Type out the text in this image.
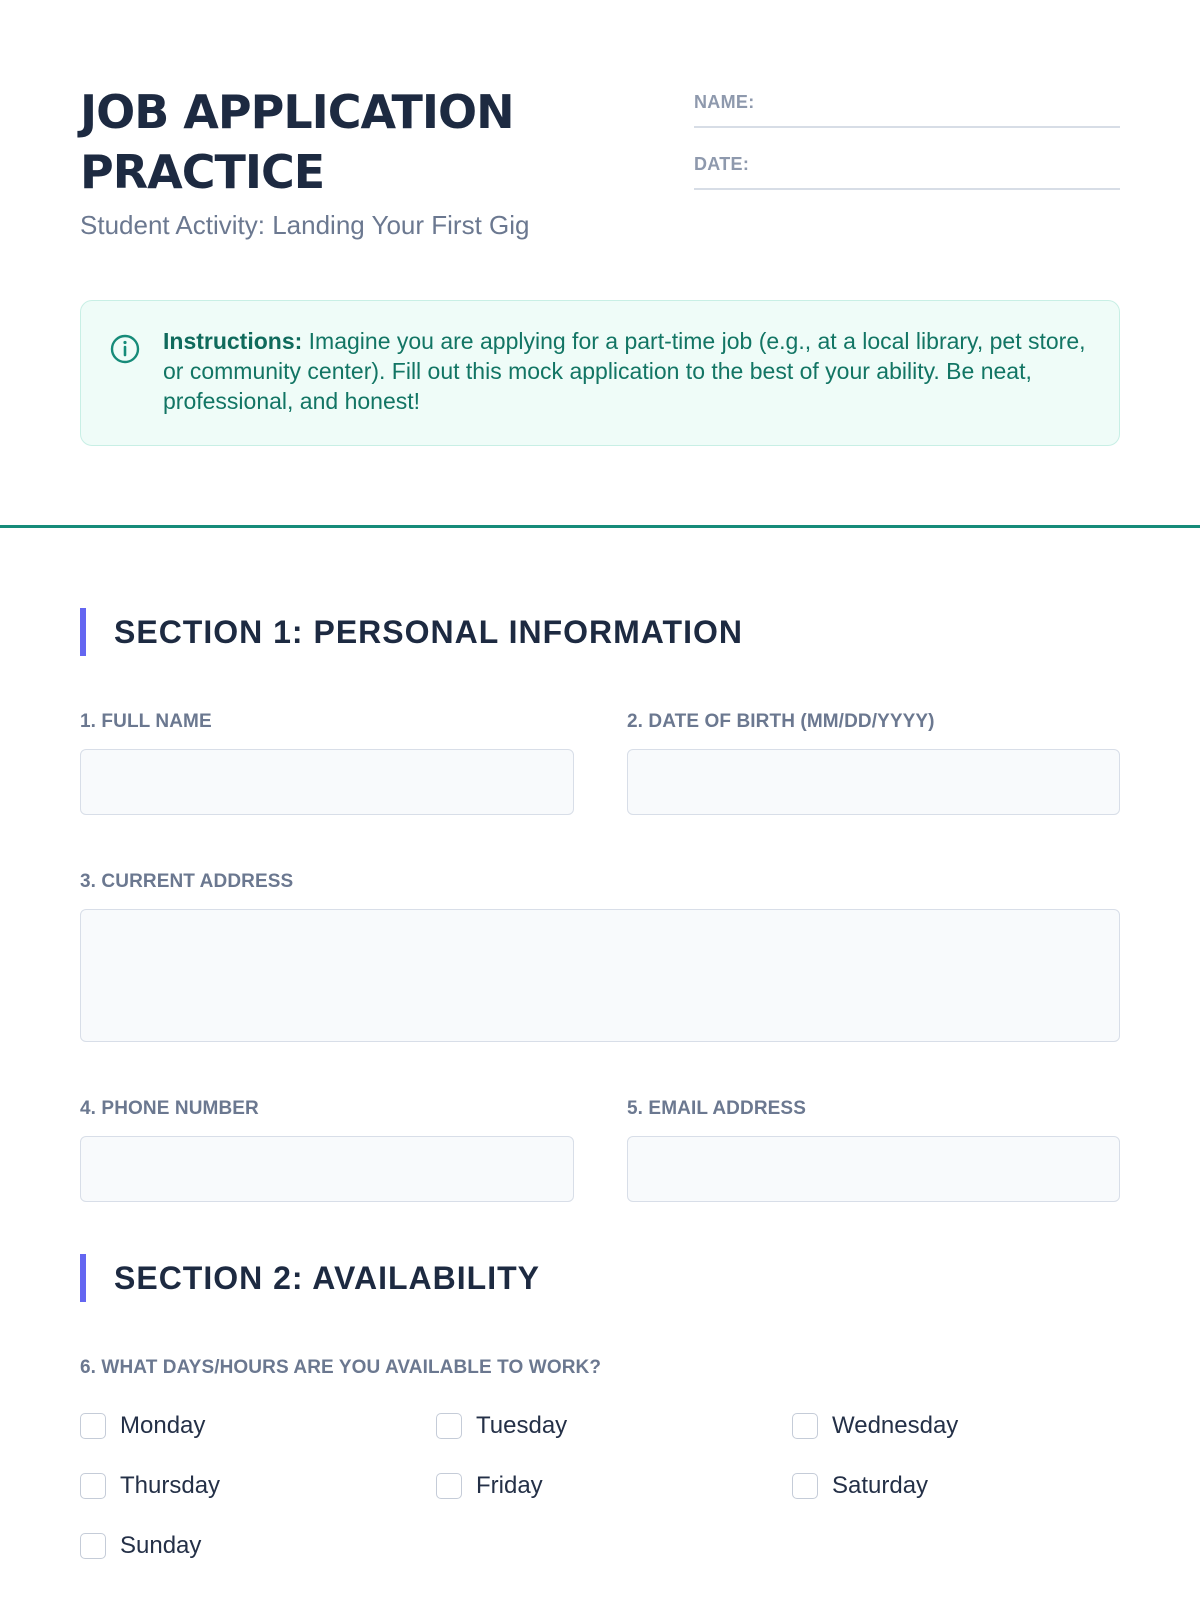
JOB APPLICATION
PRACTICE
Student Activity: Landing Your First Gig
NAME:
DATE:
Instructions: Imagine you are applying for a part-time job (e.g., at a local library, pet store, or community center). Fill out this mock application to the best of your ability. Be neat, professional, and honest!
SECTION 1: PERSONAL INFORMATION
1. FULL NAME	2. DATE OF BIRTH (MM/DD/YYYY)
3. CURRENT ADDRESS
4. PHONE NUMBER	5. EMAIL ADDRESS
SECTION 2: AVAILABILITY
6. WHAT DAYS/HOURS ARE YOU AVAILABLE TO WORK?
Monday	Tuesday	Wednesday
Thursday	Friday	Saturday
Sunday
